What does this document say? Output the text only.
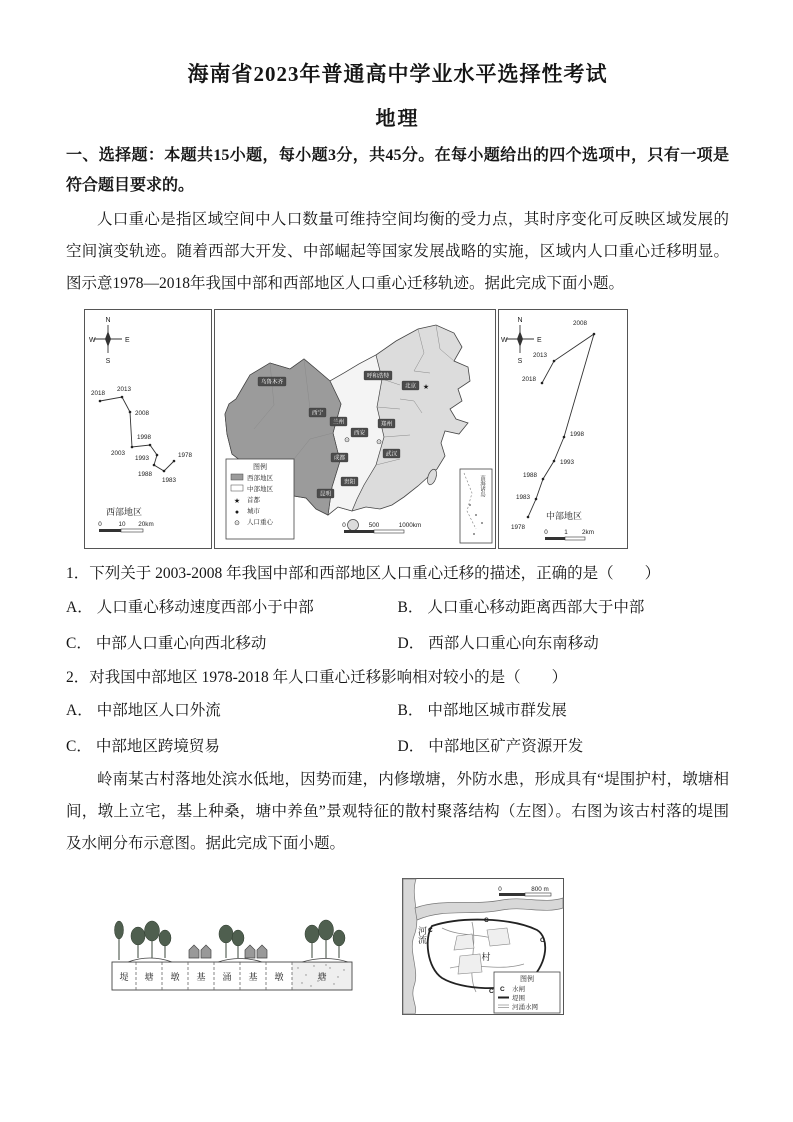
海南省2023年普通高中学业水平选择性考试
地理
一、选择题：本题共15小题，每小题3分，共45分。在每小题给出的四个选项中，只有一项是符合题目要求的。
人口重心是指区域空间中人口数量可维持空间均衡的受力点，其时序变化可反映区域发展的空间演变轨迹。随着西部大开发、中部崛起等国家发展战略的实施，区域内人口重心迁移明显。图示意1978—2018年我国中部和西部地区人口重心迁移轨迹。据此完成下面小题。
N
W	E
S
2018
2013
2008
2003
1998
1993
1988
1983
1978
西部地区
0	10 20km
⊙	⊙
乌鲁木齐
呼和浩特
★
北京
西宁
兰州
西安
郑州
成都
武汉
贵阳
昆明
图例
西部地区
中部地区
★ 首都
● 城市
⊙ 人口重心	0	500	1000km
南海诸岛
N
W	E
S
2008
2013
2018
1998
1993
1988
1983
1978
中部地区
0	1 2km
1．下列关于 2003-2008 年我国中部和西部地区人口重心迁移的描述，正确的是（　　）
A． 人口重心移动速度西部小于中部	B． 人口重心移动距离西部大于中部
C． 中部人口重心向西北移动	D． 西部人口重心向东南移动
2．对我国中部地区 1978-2018 年人口重心迁移影响相对较小的是（　　）
A． 中部地区人口外流	B． 中部地区城市群发展
C． 中部地区跨境贸易	D． 中部地区矿产资源开发
岭南某古村落地处滨水低地，因势而建，内修墩塘，外防水患，形成具有“堤围护村，墩塘相间，墩上立宅，基上种桑，塘中养鱼”景观特征的散村聚落结构（左图）。右图为该古村落的堤围及水闸分布示意图。据此完成下面小题。
堤 塘 墩 基 涌 基 墩	塘
C
C
C
C
河流
村
0	800 m
图例
C 水闸
堤围
河涌水网
